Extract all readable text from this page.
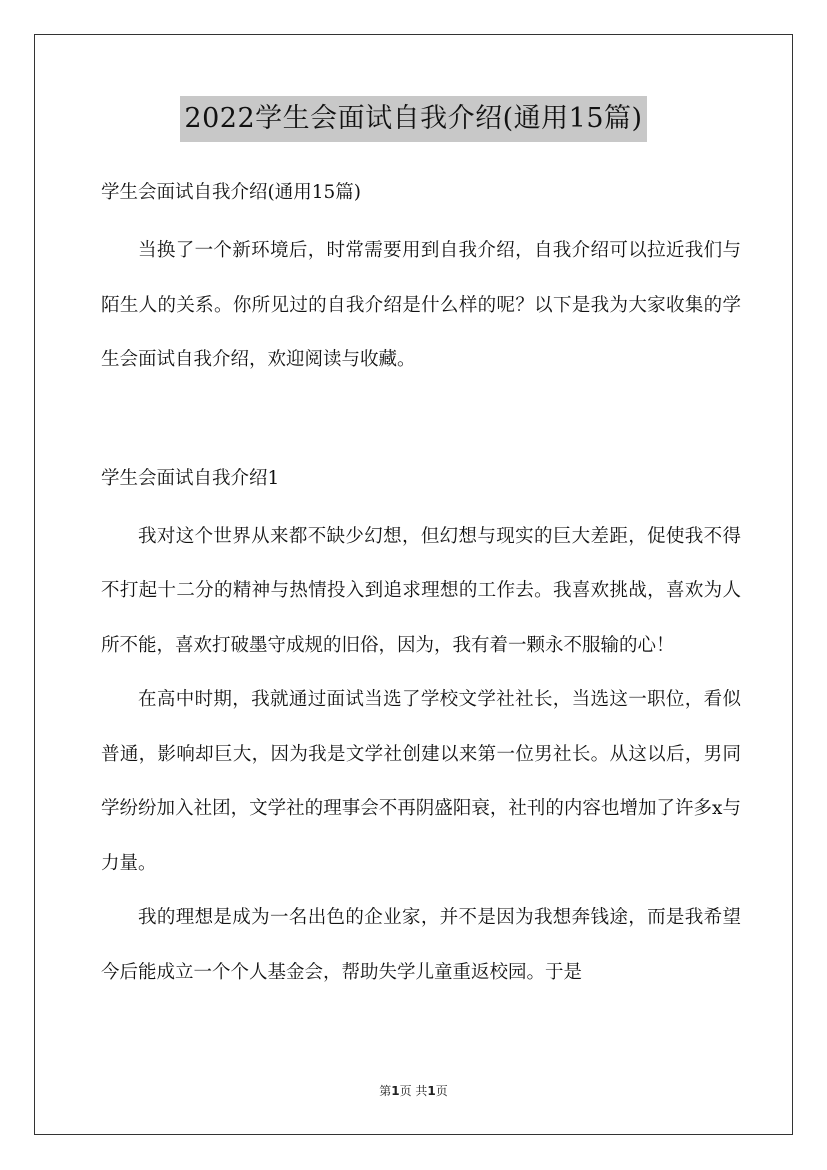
2022学生会面试自我介绍(通用15篇)

学生会面试自我介绍(通用15篇)

当换了一个新环境后，时常需要用到自我介绍，自我介绍可以拉近我们与陌生人的关系。你所见过的自我介绍是什么样的呢？以下是我为大家收集的学生会面试自我介绍，欢迎阅读与收藏。

学生会面试自我介绍1

我对这个世界从来都不缺少幻想，但幻想与现实的巨大差距，促使我不得不打起十二分的精神与热情投入到追求理想的工作去。我喜欢挑战，喜欢为人所不能，喜欢打破墨守成规的旧俗，因为，我有着一颗永不服输的心！

在高中时期，我就通过面试当选了学校文学社社长，当选这一职位，看似普通，影响却巨大，因为我是文学社创建以来第一位男社长。从这以后，男同学纷纷加入社团，文学社的理事会不再阴盛阳衰，社刊的内容也增加了许多x与力量。

我的理想是成为一名出色的企业家，并不是因为我想奔钱途，而是我希望今后能成立一个个人基金会，帮助失学儿童重返校园。于是

第1页 共1页
